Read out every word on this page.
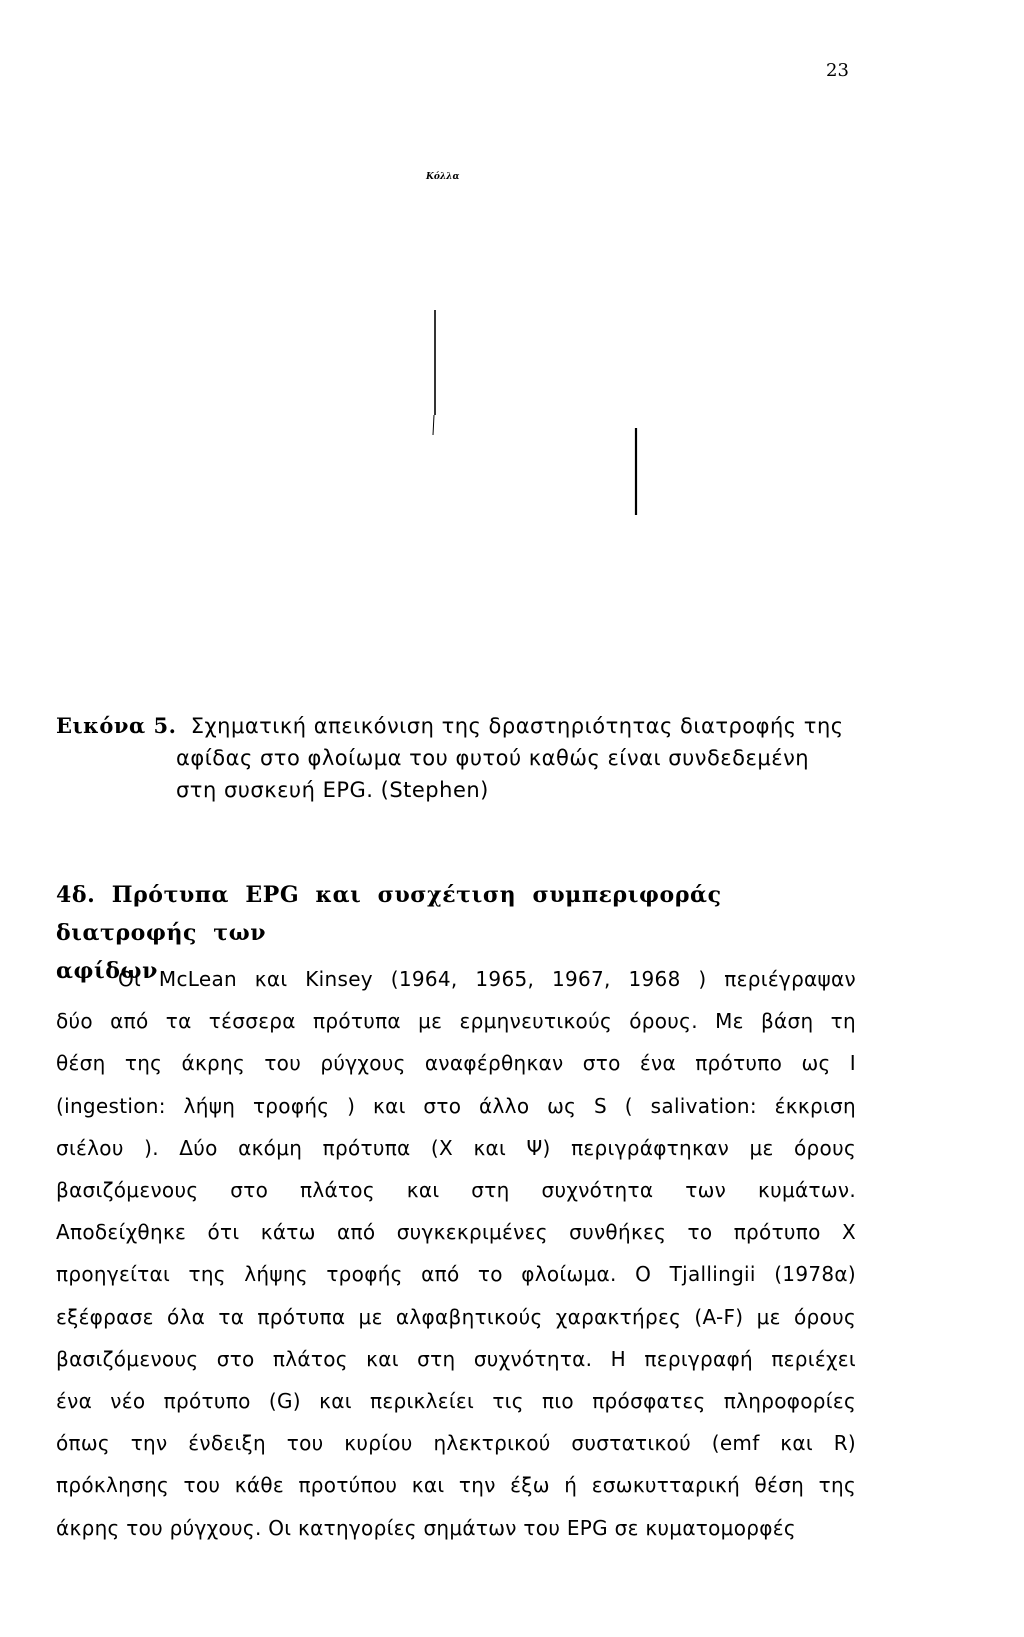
23
Κόλλα
Εικόνα 5. Σχηματική απεικόνιση της δραστηριότητας διατροφής της
αφίδας στο φλοίωμα του φυτού καθώς είναι συνδεδεμένη
στη συσκευή EPG. (Stephen)
4δ. Πρότυπα EPG και συσχέτιση συμπεριφοράς διατροφής των
αφίδων
Οι McLean και Kinsey (1964, 1965, 1967, 1968 ) περιέγραψαν
δύο από τα τέσσερα πρότυπα με ερμηνευτικούς όρους. Με βάση τη
θέση της άκρης του ρύγχους αναφέρθηκαν στο ένα πρότυπο ως I
(ingestion: λήψη τροφής ) και στο άλλο ως S ( salivation: έκκριση
σιέλου ). Δύο ακόμη πρότυπα (X και Ψ) περιγράφτηκαν με όρους
βασιζόμενους στο πλάτος και στη συχνότητα των κυμάτων.
Αποδείχθηκε ότι κάτω από συγκεκριμένες συνθήκες το πρότυπο X
προηγείται της λήψης τροφής από το φλοίωμα. Ο Tjallingii (1978α)
εξέφρασε όλα τα πρότυπα με αλφαβητικούς χαρακτήρες (A-F) με όρους
βασιζόμενους στο πλάτος και στη συχνότητα. Η περιγραφή περιέχει
ένα νέο πρότυπο (G) και περικλείει τις πιο πρόσφατες πληροφορίες
όπως την ένδειξη του κυρίου ηλεκτρικού συστατικού (emf και R)
πρόκλησης του κάθε προτύπου και την έξω ή εσωκυτταρική θέση της
άκρης του ρύγχους. Οι κατηγορίες σημάτων του EPG σε κυματομορφές
